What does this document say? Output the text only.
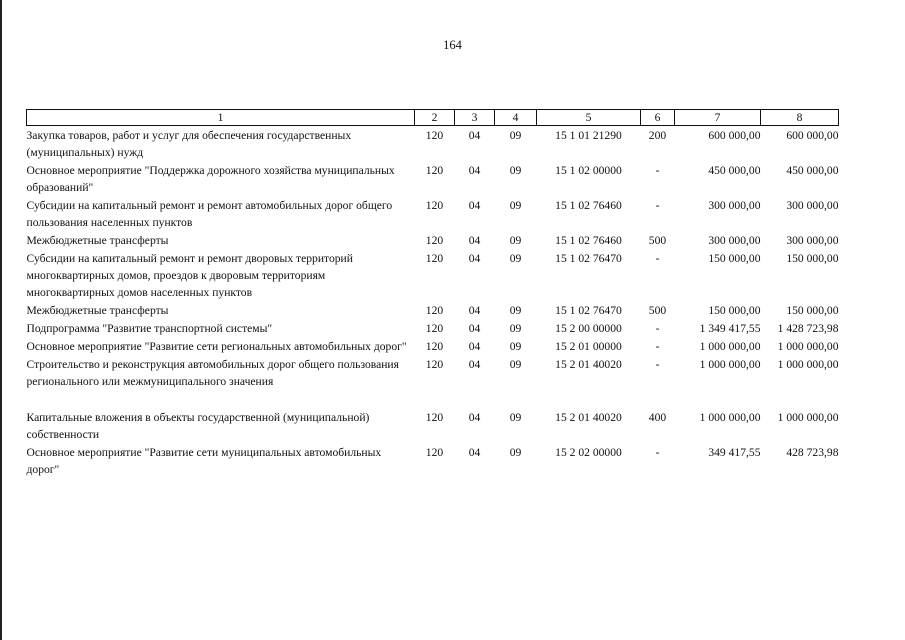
164
1	2	3	4	5	6	7	8
Закупка товаров, работ и услуг для обеспечения государственных (муниципальных) нужд	120	04	09	15 1 01 21290	200	600 000,00	600 000,00
Основное мероприятие "Поддержка дорожного хозяйства муниципальных образований"	120	04	09	15 1 02 00000	-	450 000,00	450 000,00
Субсидии на капитальный ремонт и ремонт автомобильных дорог общего пользования населенных пунктов	120	04	09	15 1 02 76460	-	300 000,00	300 000,00
Межбюджетные трансферты	120	04	09	15 1 02 76460	500	300 000,00	300 000,00
Субсидии на капитальный ремонт и ремонт дворовых территорий многоквартирных домов, проездов к дворовым территориям многоквартирных домов населенных пунктов	120	04	09	15 1 02 76470	-	150 000,00	150 000,00
Межбюджетные трансферты	120	04	09	15 1 02 76470	500	150 000,00	150 000,00
Подпрограмма "Развитие транспортной системы"	120	04	09	15 2 00 00000	-	1 349 417,55	1 428 723,98
Основное мероприятие "Развитие сети региональных автомобильных дорог"	120	04	09	15 2 01 00000	-	1 000 000,00	1 000 000,00
Строительство и реконструкция автомобильных дорог общего пользования регионального или межмуниципального значения	120	04	09	15 2 01 40020	-	1 000 000,00	1 000 000,00
Капитальные вложения в объекты государственной (муниципальной) собственности	120	04	09	15 2 01 40020	400	1 000 000,00	1 000 000,00
Основное мероприятие "Развитие сети муниципальных автомобильных дорог"	120	04	09	15 2 02 00000	-	349 417,55	428 723,98
